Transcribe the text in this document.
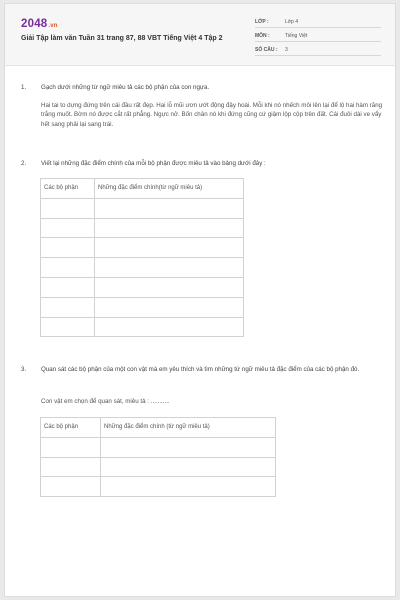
2048.vn
Giải Tập làm văn Tuần 31 trang 87, 88 VBT Tiếng Việt 4 Tập 2
LỚP :	Lớp 4
MÔN :	Tiếng Việt
SỐ CÂU : 3
1. Gạch dưới những từ ngữ miêu tả các bộ phận của con ngựa.
Hai tai to dựng đứng trên cái đầu rất đẹp. Hai lỗ mũi ươn ướt động đậy hoài. Mỗi khi nó nhếch môi lên lại để lộ hai hàm răng trắng muốt. Bờm nó được cắt rất phẳng. Ngực nở. Bốn chân nó khi đứng cũng cứ giậm lộp cộp trên đất. Cái đuôi dài ve vẩy hết sang phải lại sang trái.
2. Viết lại những đặc điểm chính của mỗi bộ phận được miêu tả vào bảng dưới đây :
Các bộ phận	Những đặc điểm chính(từ ngữ miêu tả)

3. Quan sát các bộ phận của một con vật mà em yêu thích và tìm những từ ngữ miêu tả đặc điểm của các bộ phận đó.
Con vật em chọn để quan sát, miêu tả : ...........
Các bộ phận	Những đặc điểm chính (từ ngữ miêu tả)
